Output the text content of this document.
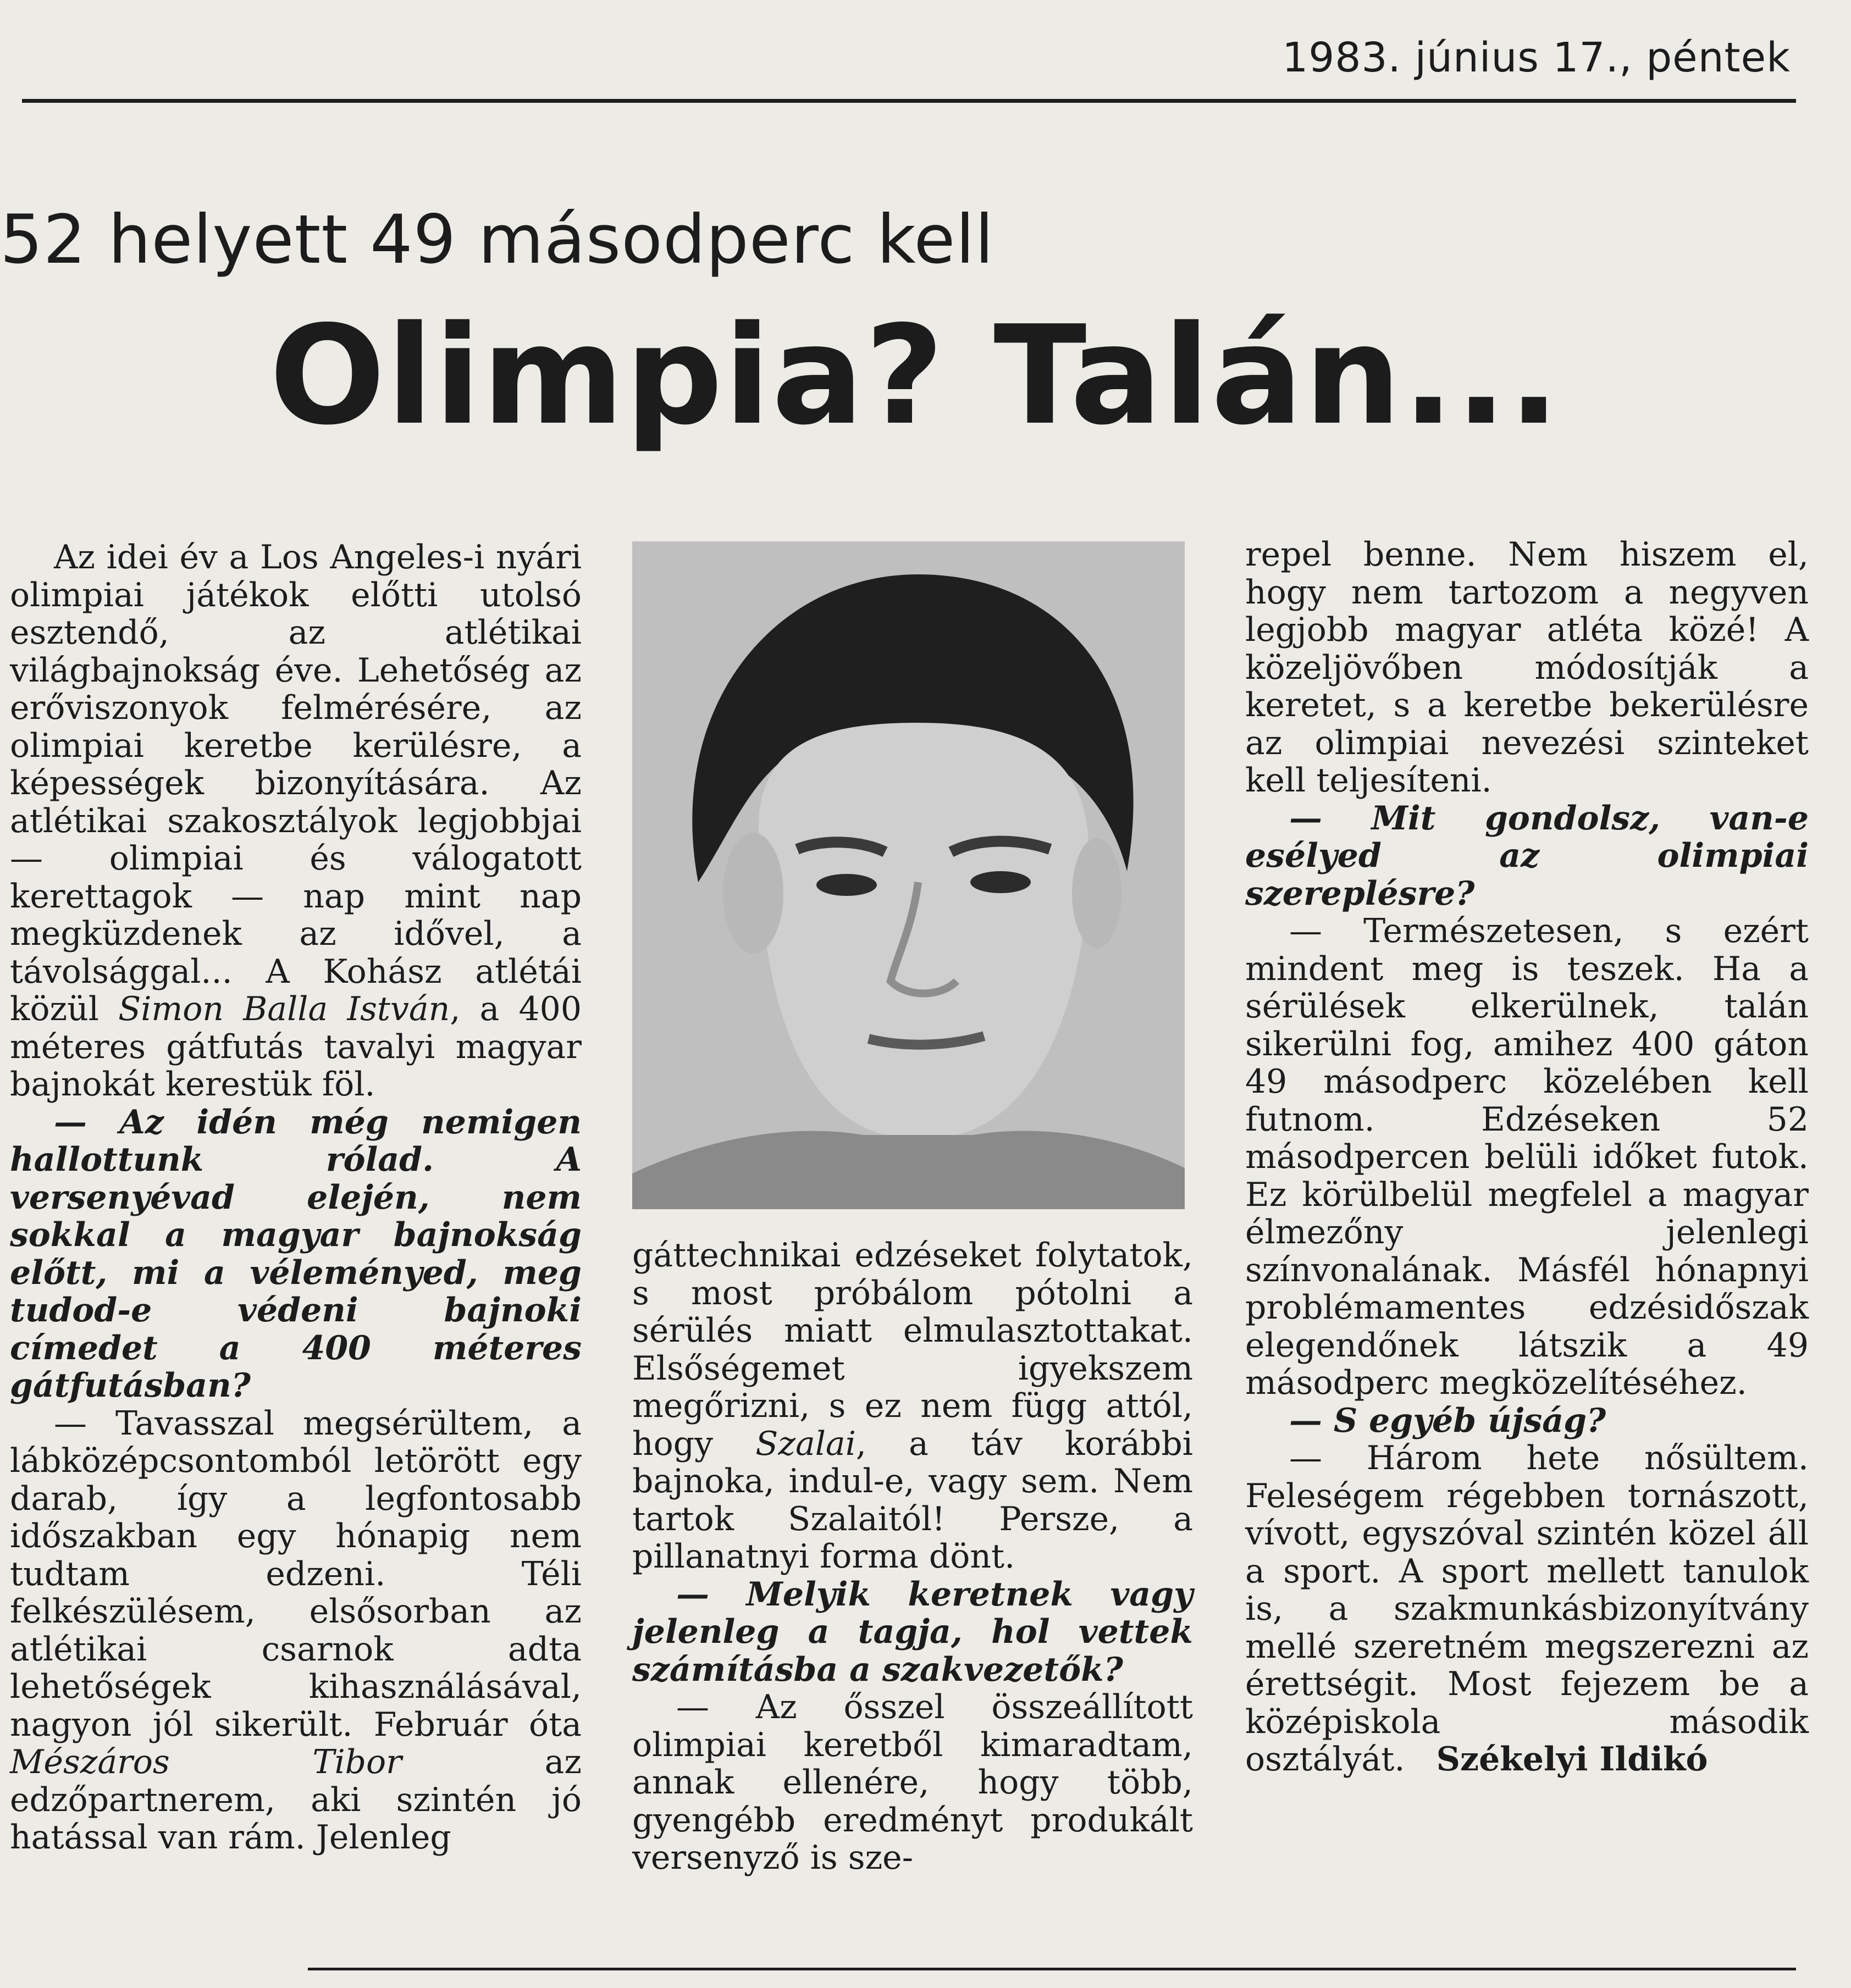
1983. június 17., péntek
52 helyett 49 másodperc kell
Olimpia? Talán...

Az idei év a Los Angeles-i nyári olimpiai játékok előtti utolsó esztendő, az atlétikai világbajnokság éve. Lehetőség az erőviszonyok felmérésére, az olimpiai keretbe kerülésre, a képességek bizonyítására. Az atlétikai szakosztályok legjobbjai — olimpiai és válogatott kerettagok — nap mint nap megküzdenek az idővel, a távolsággal... A Kohász atlétái közül Simon Balla István, a 400 méteres gátfutás tavalyi magyar bajnokát kerestük föl.

— Az idén még nemigen hallottunk rólad. A versenyévad elején, nem sokkal a magyar bajnokság előtt, mi a véleményed, meg tudod-e védeni bajnoki címedet a 400 méteres gátfutásban?

— Tavasszal megsérültem, a lábközépcsontomból letörött egy darab, így a legfontosabb időszakban egy hónapig nem tudtam edzeni. Téli felkészülésem, elsősorban az atlétikai csarnok adta lehetőségek kihasználásával, nagyon jól sikerült. Február óta Mészáros Tibor az edzőpartnerem, aki szintén jó hatással van rám. Jelenleg

gáttechnikai edzéseket folytatok, s most próbálom pótolni a sérülés miatt elmulasztottakat. Elsőségemet igyekszem megőrizni, s ez nem függ attól, hogy Szalai, a táv korábbi bajnoka, indul-e, vagy sem. Nem tartok Szalaitól! Persze, a pillanatnyi forma dönt.

— Melyik keretnek vagy jelenleg a tagja, hol vettek számításba a szakvezetők?

— Az ősszel összeállított olimpiai keretből kimaradtam, annak ellenére, hogy több, gyengébb eredményt produkált versenyző is sze-

repel benne. Nem hiszem el, hogy nem tartozom a negyven legjobb magyar atléta közé! A közeljövőben módosítják a keretet, s a keretbe bekerülésre az olimpiai nevezési szinteket kell teljesíteni.

— Mit gondolsz, van-e esélyed az olimpiai szereplésre?

— Természetesen, s ezért mindent meg is teszek. Ha a sérülések elkerülnek, talán sikerülni fog, amihez 400 gáton 49 másodperc közelében kell futnom. Edzéseken 52 másodpercen belüli időket futok. Ez körülbelül megfelel a magyar élmezőny jelenlegi színvonalának. Másfél hónapnyi problémamentes edzésidőszak elegendőnek látszik a 49 másodperc megközelítéséhez.

— S egyéb újság?

— Három hete nősültem. Feleségem régebben tornászott, vívott, egyszóval szintén közel áll a sport. A sport mellett tanulok is, a szakmunkásbizonyítvány mellé szeretném megszerezni az érettségit. Most fejezem be a középiskola második osztályát. Székelyi Ildikó
